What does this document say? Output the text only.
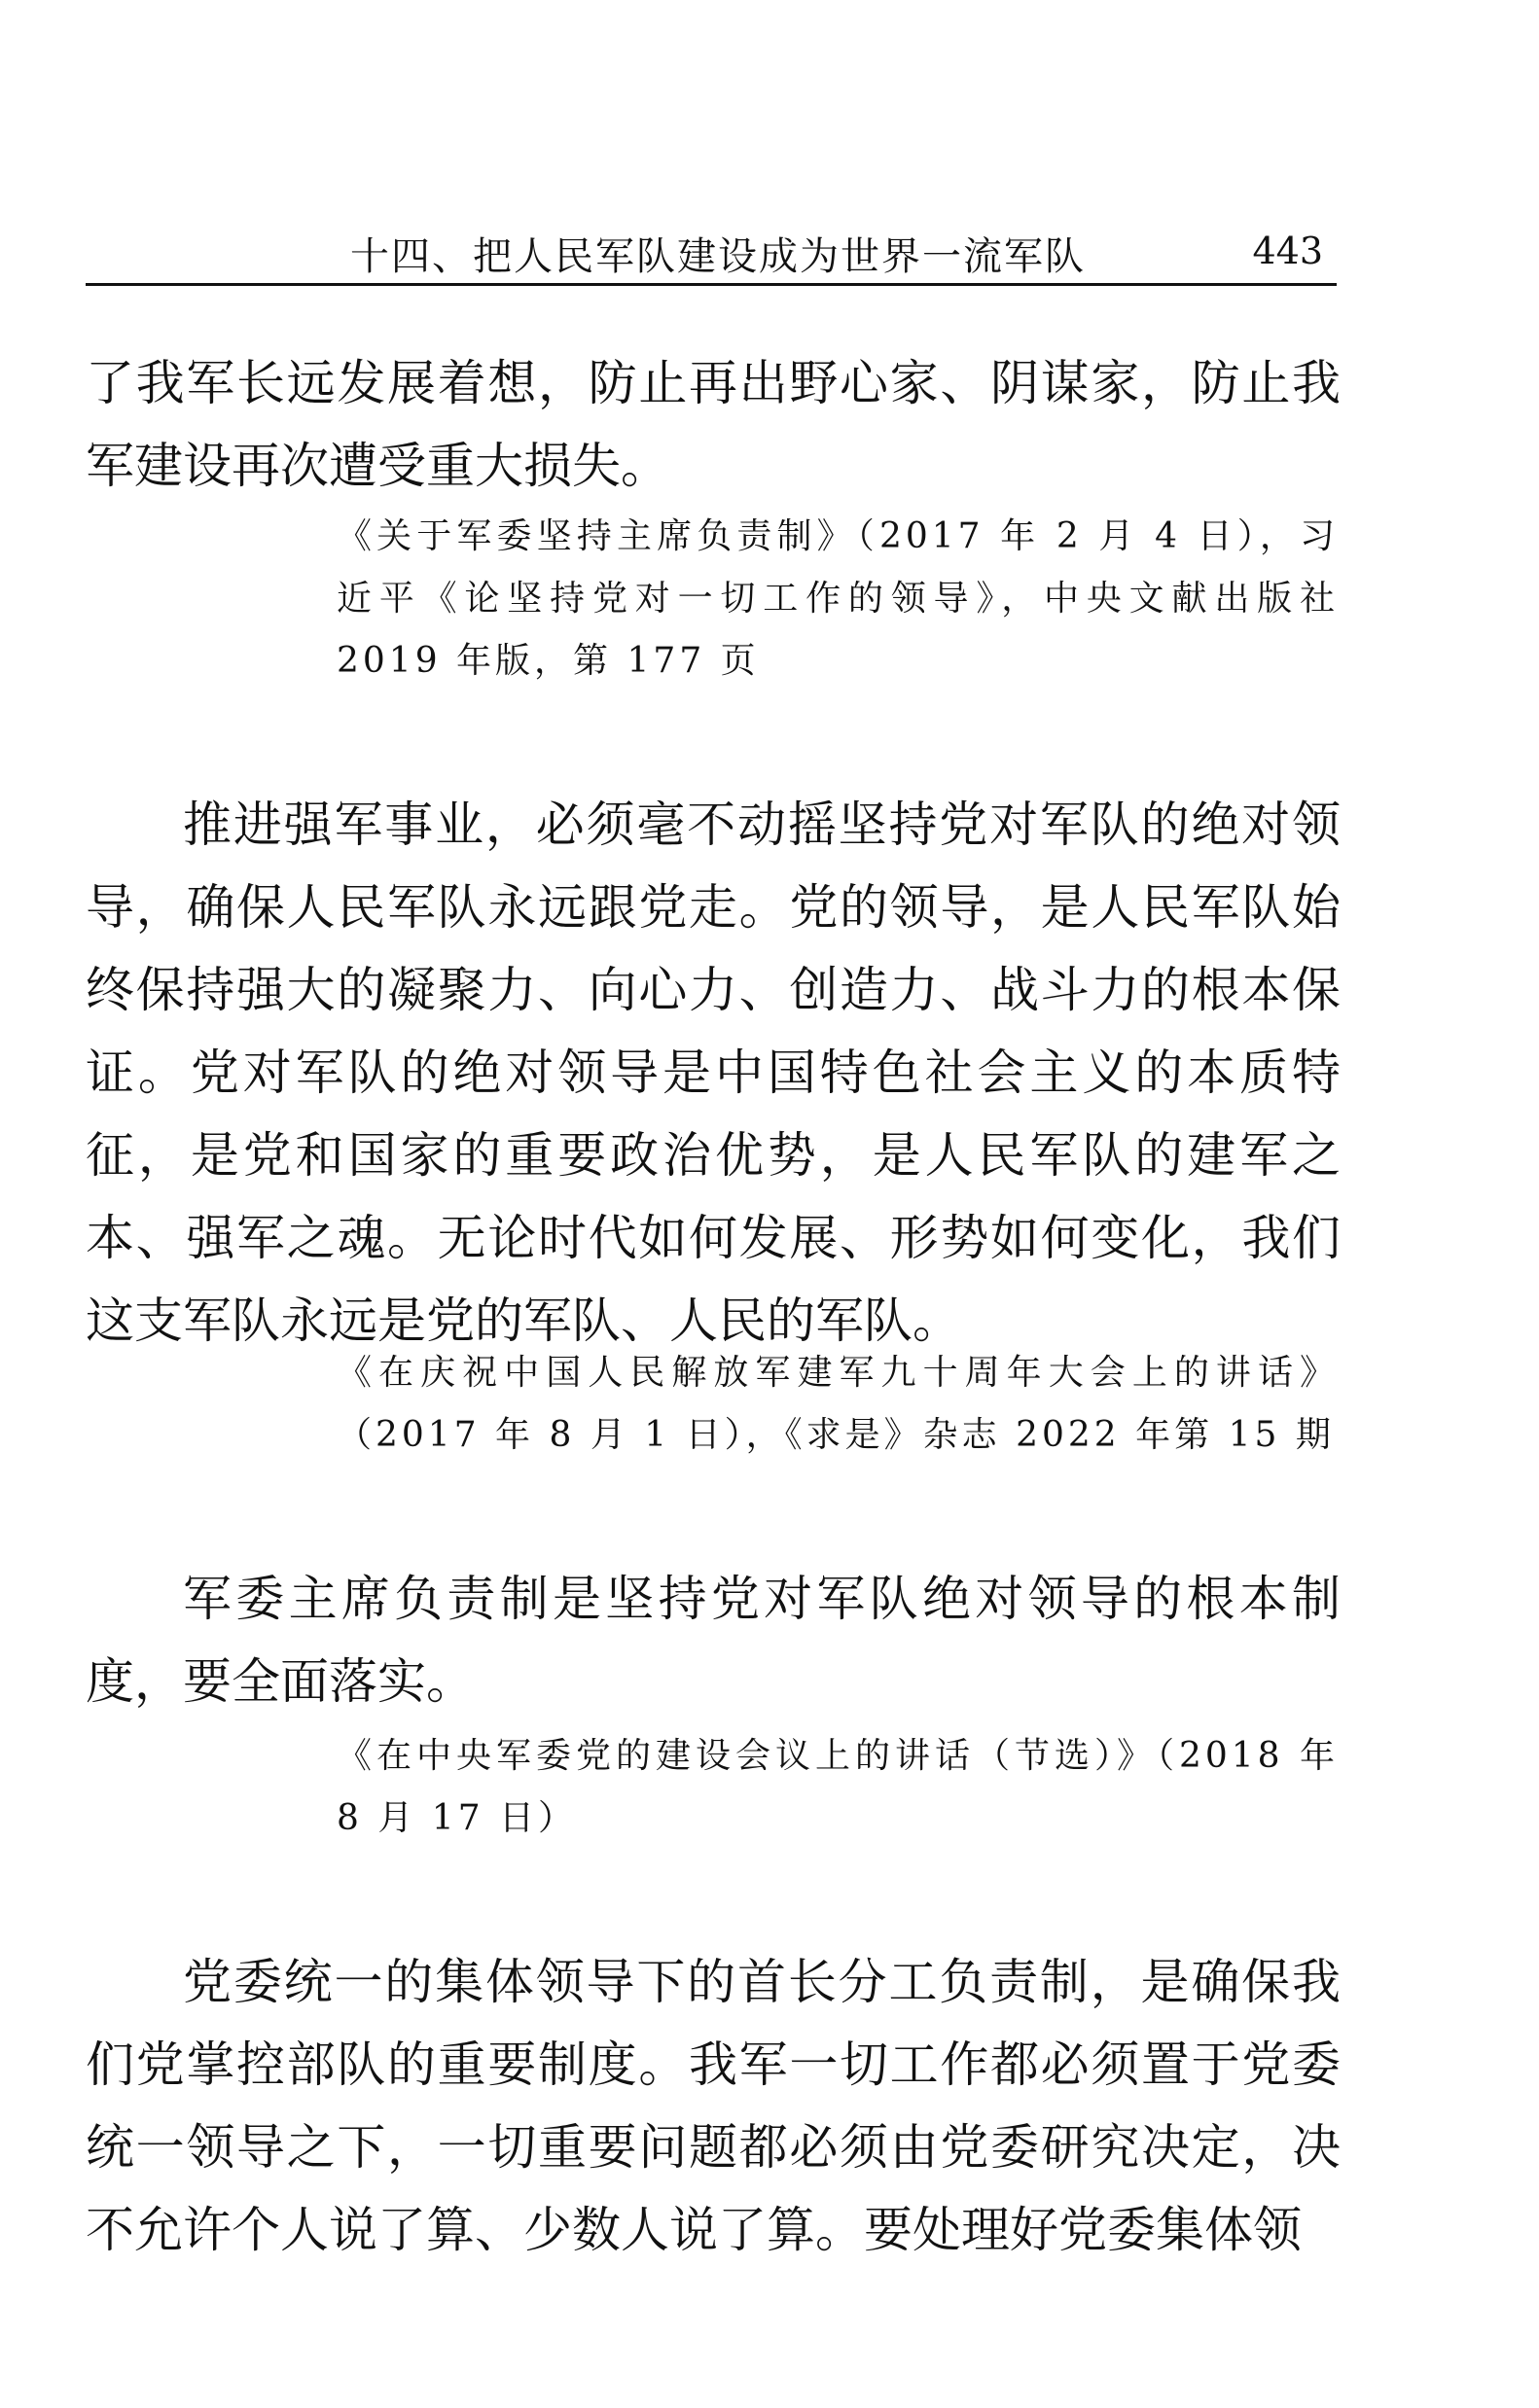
十四、把人民军队建设成为世界一流军队	443

了我军长远发展着想，防止再出野心家、阴谋家，防止我军建设再次遭受重大损失。

《关于军委坚持主席负责制》（2017 年 2 月 4 日），习近平《论坚持党对一切工作的领导》，中央文献出版社 2019 年版，第 177 页

推进强军事业，必须毫不动摇坚持党对军队的绝对领导，确保人民军队永远跟党走。党的领导，是人民军队始终保持强大的凝聚力、向心力、创造力、战斗力的根本保证。党对军队的绝对领导是中国特色社会主义的本质特征，是党和国家的重要政治优势，是人民军队的建军之本、强军之魂。无论时代如何发展、形势如何变化，我们这支军队永远是党的军队、人民的军队。

《在庆祝中国人民解放军建军九十周年大会上的讲话》（2017 年 8 月 1 日），《求是》杂志 2022 年第 15 期

军委主席负责制是坚持党对军队绝对领导的根本制度，要全面落实。

《在中央军委党的建设会议上的讲话（节选）》（2018 年 8 月 17 日）

党委统一的集体领导下的首长分工负责制，是确保我们党掌控部队的重要制度。我军一切工作都必须置于党委统一领导之下，一切重要问题都必须由党委研究决定，决不允许个人说了算、少数人说了算。要处理好党委集体领
